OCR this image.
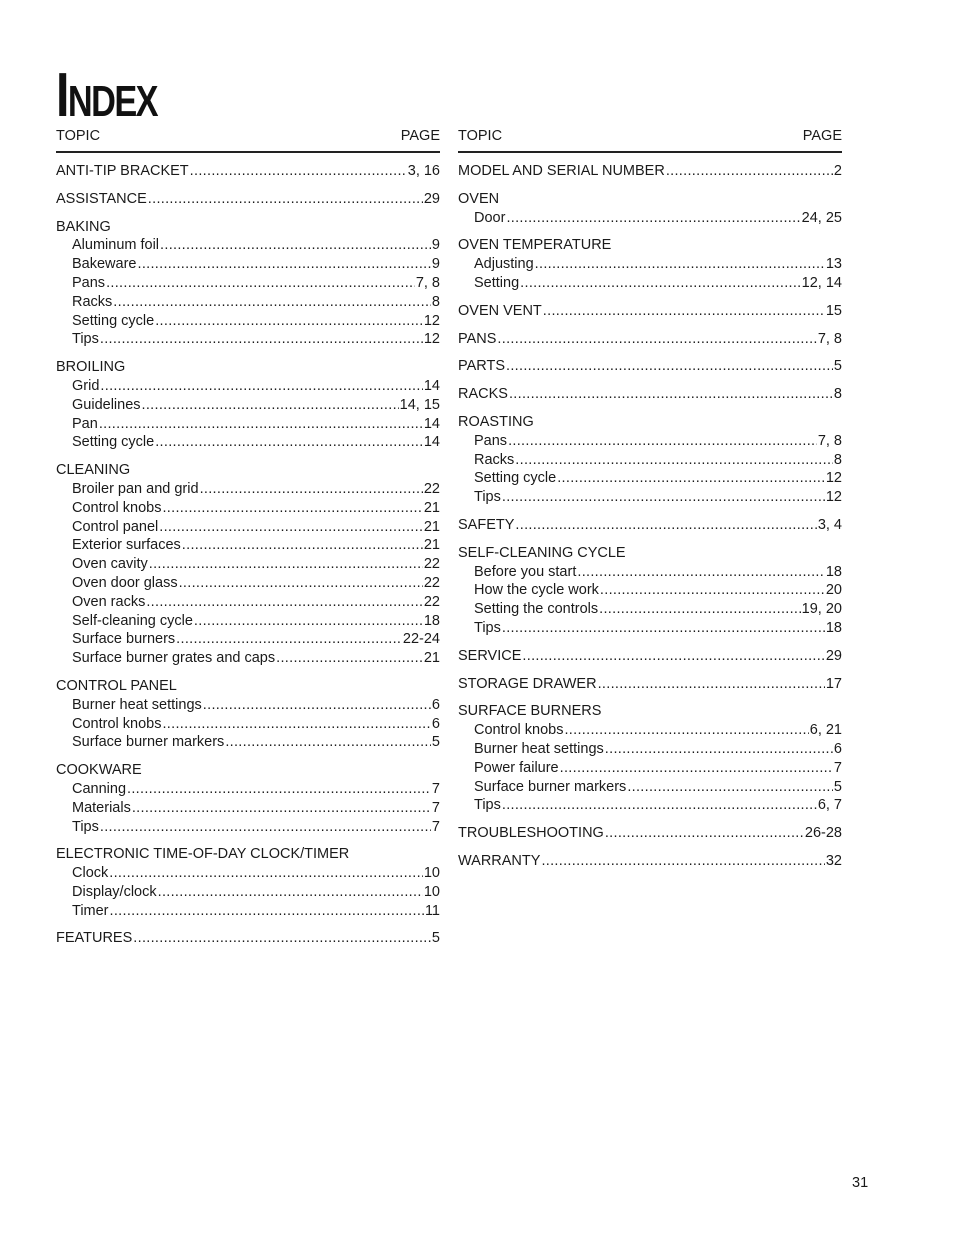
INDEX
TOPIC	PAGE
ANTI-TIP BRACKET .....	3, 16
ASSISTANCE .....	29
BAKING
Aluminum foil .....	9
Bakeware .....	9
Pans .....	7, 8
Racks .....	8
Setting cycle .....	12
Tips .....	12
BROILING
Grid .....	14
Guidelines .....	14, 15
Pan .....	14
Setting cycle .....	14
CLEANING
Broiler pan and grid .....	22
Control knobs .....	21
Control panel .....	21
Exterior surfaces .....	21
Oven cavity .....	22
Oven door glass .....	22
Oven racks .....	22
Self-cleaning cycle .....	18
Surface burners .....	22-24
Surface burner grates and caps .....	21
CONTROL PANEL
Burner heat settings .....	6
Control knobs .....	6
Surface burner markers .....	5
COOKWARE
Canning .....	7
Materials .....	7
Tips .....	7
ELECTRONIC TIME-OF-DAY CLOCK/TIMER
Clock .....	10
Display/clock .....	10
Timer .....	11
FEATURES .....	5
TOPIC	PAGE
MODEL AND SERIAL NUMBER .....	2
OVEN
Door .....	24, 25
OVEN TEMPERATURE
Adjusting .....	13
Setting .....	12, 14
OVEN VENT .....	15
PANS .....	7, 8
PARTS .....	5
RACKS .....	8
ROASTING
Pans .....	7, 8
Racks .....	8
Setting cycle .....	12
Tips .....	12
SAFETY .....	3, 4
SELF-CLEANING CYCLE
Before you start .....	18
How the cycle work .....	20
Setting the controls .....	19, 20
Tips .....	18
SERVICE .....	29
STORAGE DRAWER .....	17
SURFACE BURNERS
Control knobs .....	6, 21
Burner heat settings .....	6
Power failure .....	7
Surface burner markers .....	5
Tips .....	6, 7
TROUBLESHOOTING .....	26-28
WARRANTY .....	32
31
